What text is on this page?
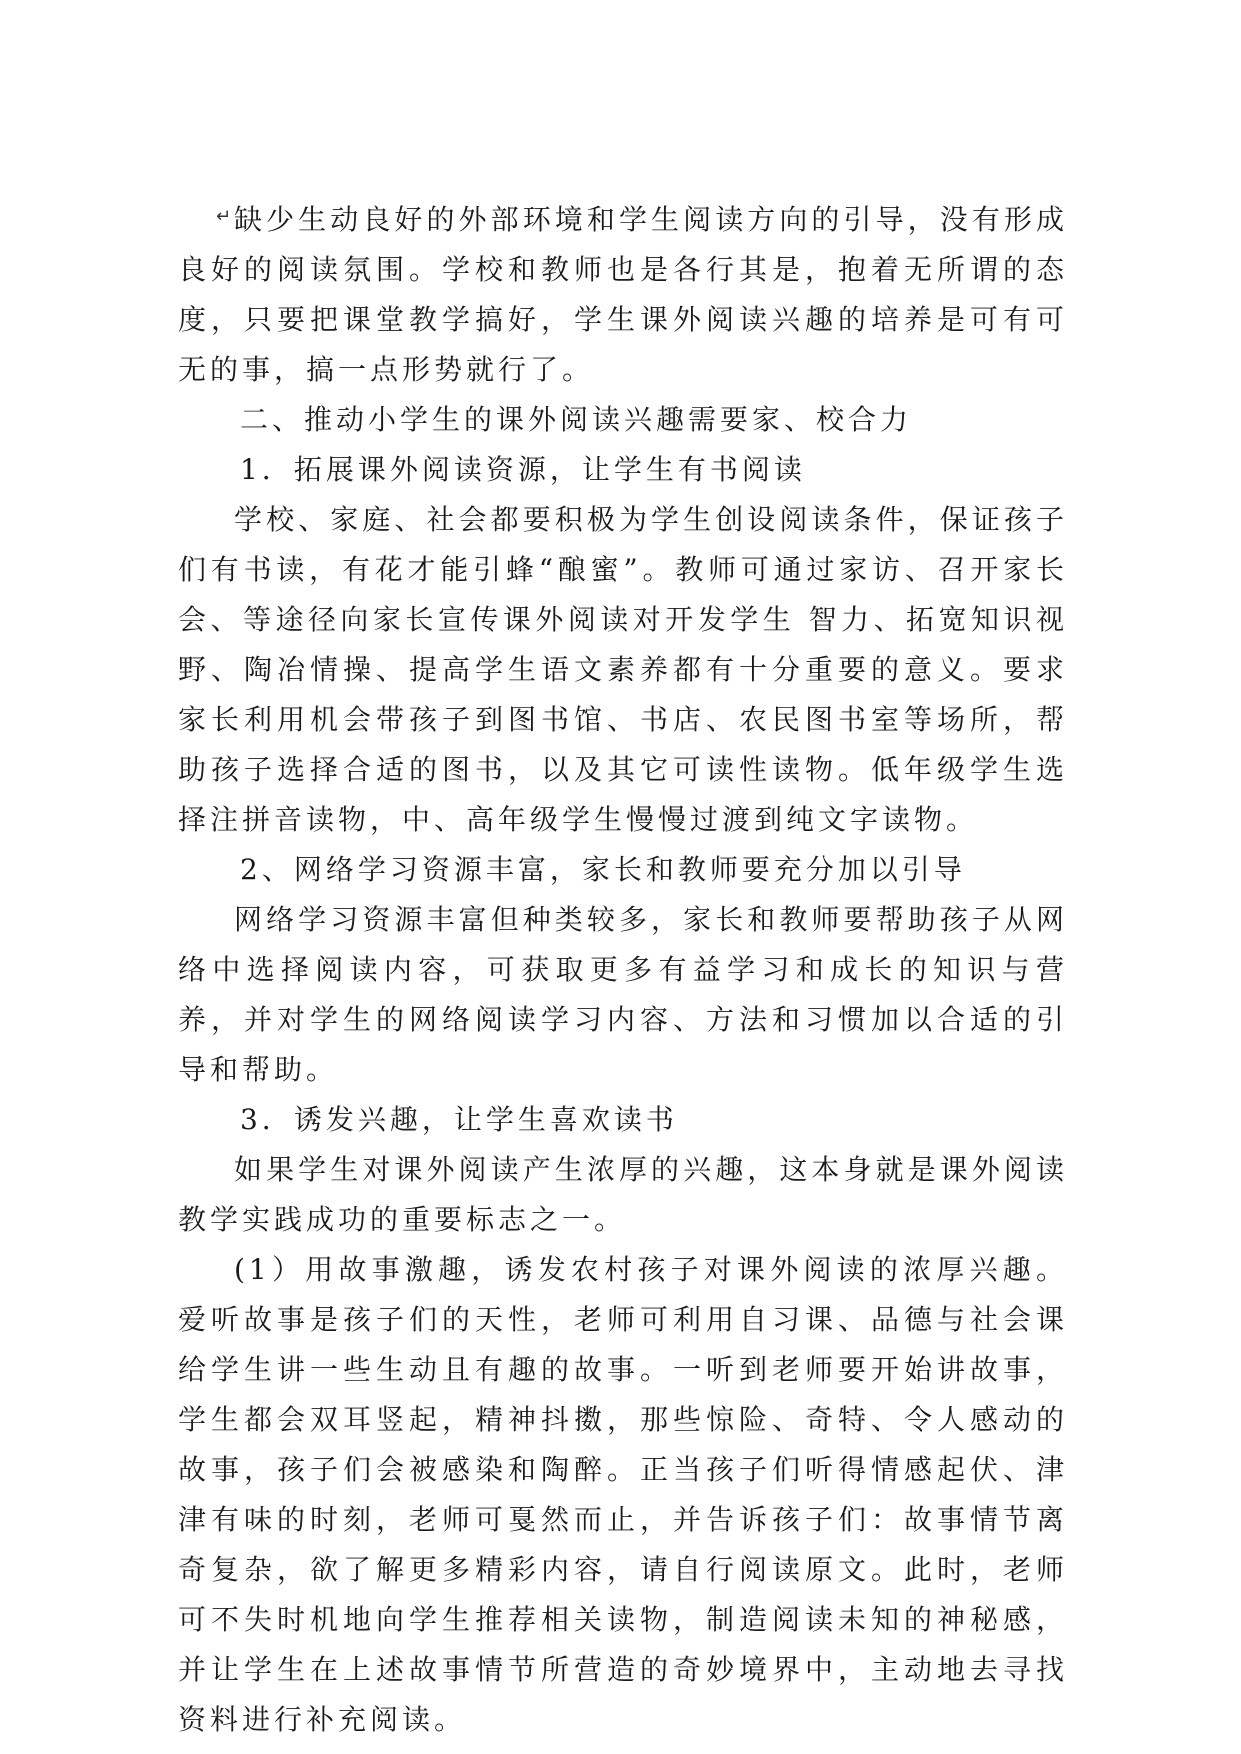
↵ 缺少生动良好的外部环境和学生阅读方向的引导，没有形成良好的阅读氛围。学校和教师也是各行其是，抱着无所谓的态度，只要把课堂教学搞好，学生课外阅读兴趣的培养是可有可无的事，搞一点形势就行了。

二、推动小学生的课外阅读兴趣需要家、校合力

1．拓展课外阅读资源，让学生有书阅读

学校、家庭、社会都要积极为学生创设阅读条件，保证孩子们有书读，有花才能引蜂“酿蜜”。教师可通过家访、召开家长会、等途径向家长宣传课外阅读对开发学生 智力、拓宽知识视野、陶冶情操、提高学生语文素养都有十分重要的意义。要求家长利用机会带孩子到图书馆、书店、农民图书室等场所，帮助孩子选择合适的图书，以及其它可读性读物。低年级学生选择注拼音读物，中、高年级学生慢慢过渡到纯文字读物。

2、网络学习资源丰富，家长和教师要充分加以引导

网络学习资源丰富但种类较多，家长和教师要帮助孩子从网络中选择阅读内容，可获取更多有益学习和成长的知识与营养，并对学生的网络阅读学习内容、方法和习惯加以合适的引导和帮助。

3．诱发兴趣，让学生喜欢读书

如果学生对课外阅读产生浓厚的兴趣，这本身就是课外阅读教学实践成功的重要标志之一。

(1）用故事激趣，诱发农村孩子对课外阅读的浓厚兴趣。爱听故事是孩子们的天性，老师可利用自习课、品德与社会课给学生讲一些生动且有趣的故事。一听到老师要开始讲故事，学生都会双耳竖起，精神抖擞，那些惊险、奇特、令人感动的故事，孩子们会被感染和陶醉。正当孩子们听得情感起伏、津津有味的时刻，老师可戛然而止，并告诉孩子们：故事情节离奇复杂，欲了解更多精彩内容，请自行阅读原文。此时，老师可不失时机地向学生推荐相关读物，制造阅读未知的神秘感，并让学生在上述故事情节所营造的奇妙境界中，主动地去寻找资料进行补充阅读。
